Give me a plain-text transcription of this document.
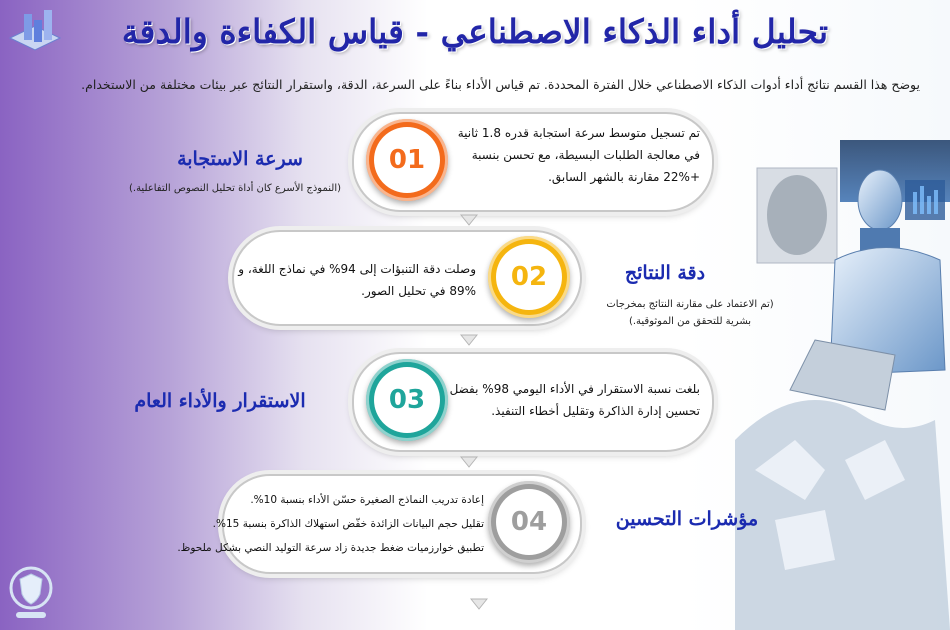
تحليل أداء الذكاء الاصطناعي - قياس الكفاءة والدقة
يوضح هذا القسم نتائج أداء أدوات الذكاء الاصطناعي خلال الفترة المحددة. تم قياس الأداء بناءً على السرعة، الدقة، واستقرار النتائج عبر بيئات مختلفة من الاستخدام.
01
تم تسجيل متوسط سرعة استجابة قدره 1.8 ثانية
في معالجة الطلبات البسيطة، مع تحسن بنسبة
+22% مقارنة بالشهر السابق.
سرعة الاستجابة
(النموذج الأسرع كان أداة تحليل النصوص التفاعلية.)
02
وصلت دقة التنبؤات إلى 94% في نماذج اللغة، و
89% في تحليل الصور.
دقة النتائج
(تم الاعتماد على مقارنة النتائج بمخرجات
بشرية للتحقق من الموثوقية.)
03	بلغت نسبة الاستقرار في الأداء اليومي 98% بفضل
تحسين إدارة الذاكرة وتقليل أخطاء التنفيذ.
الاستقرار والأداء العام
04
إعادة تدريب النماذج الصغيرة حسّن الأداء بنسبة 10%.
تقليل حجم البيانات الزائدة خفّض استهلاك الذاكرة بنسبة 15%.
تطبيق خوارزميات ضغط جديدة زاد سرعة التوليد النصي بشكل ملحوظ.
مؤشرات التحسين
